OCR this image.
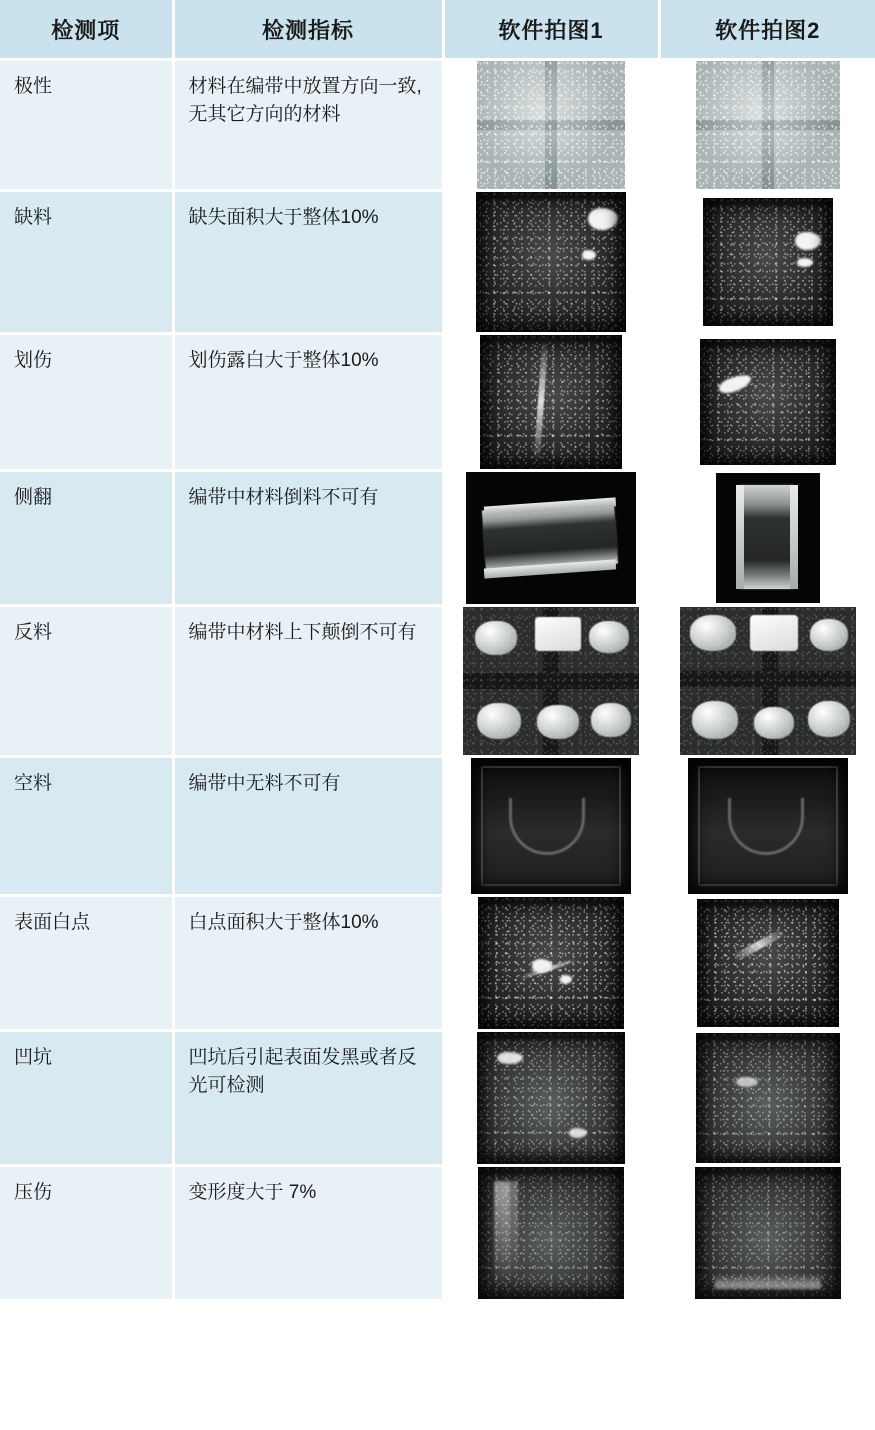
检测项	检测指标	软件拍图1	软件拍图2
极性	材料在编带中放置方向一致, 无其它方向的材料	

缺料	缺失面积大于整体10%	

划伤	划伤露白大于整体10%	

侧翻	编带中材料倒料不可有	

反料	编带中材料上下颠倒不可有	

空料	编带中无料不可有	

表面白点	白点面积大于整体10%	

凹坑	凹坑后引起表面发黑或者反光可检测	

压伤	变形度大于 7%	
